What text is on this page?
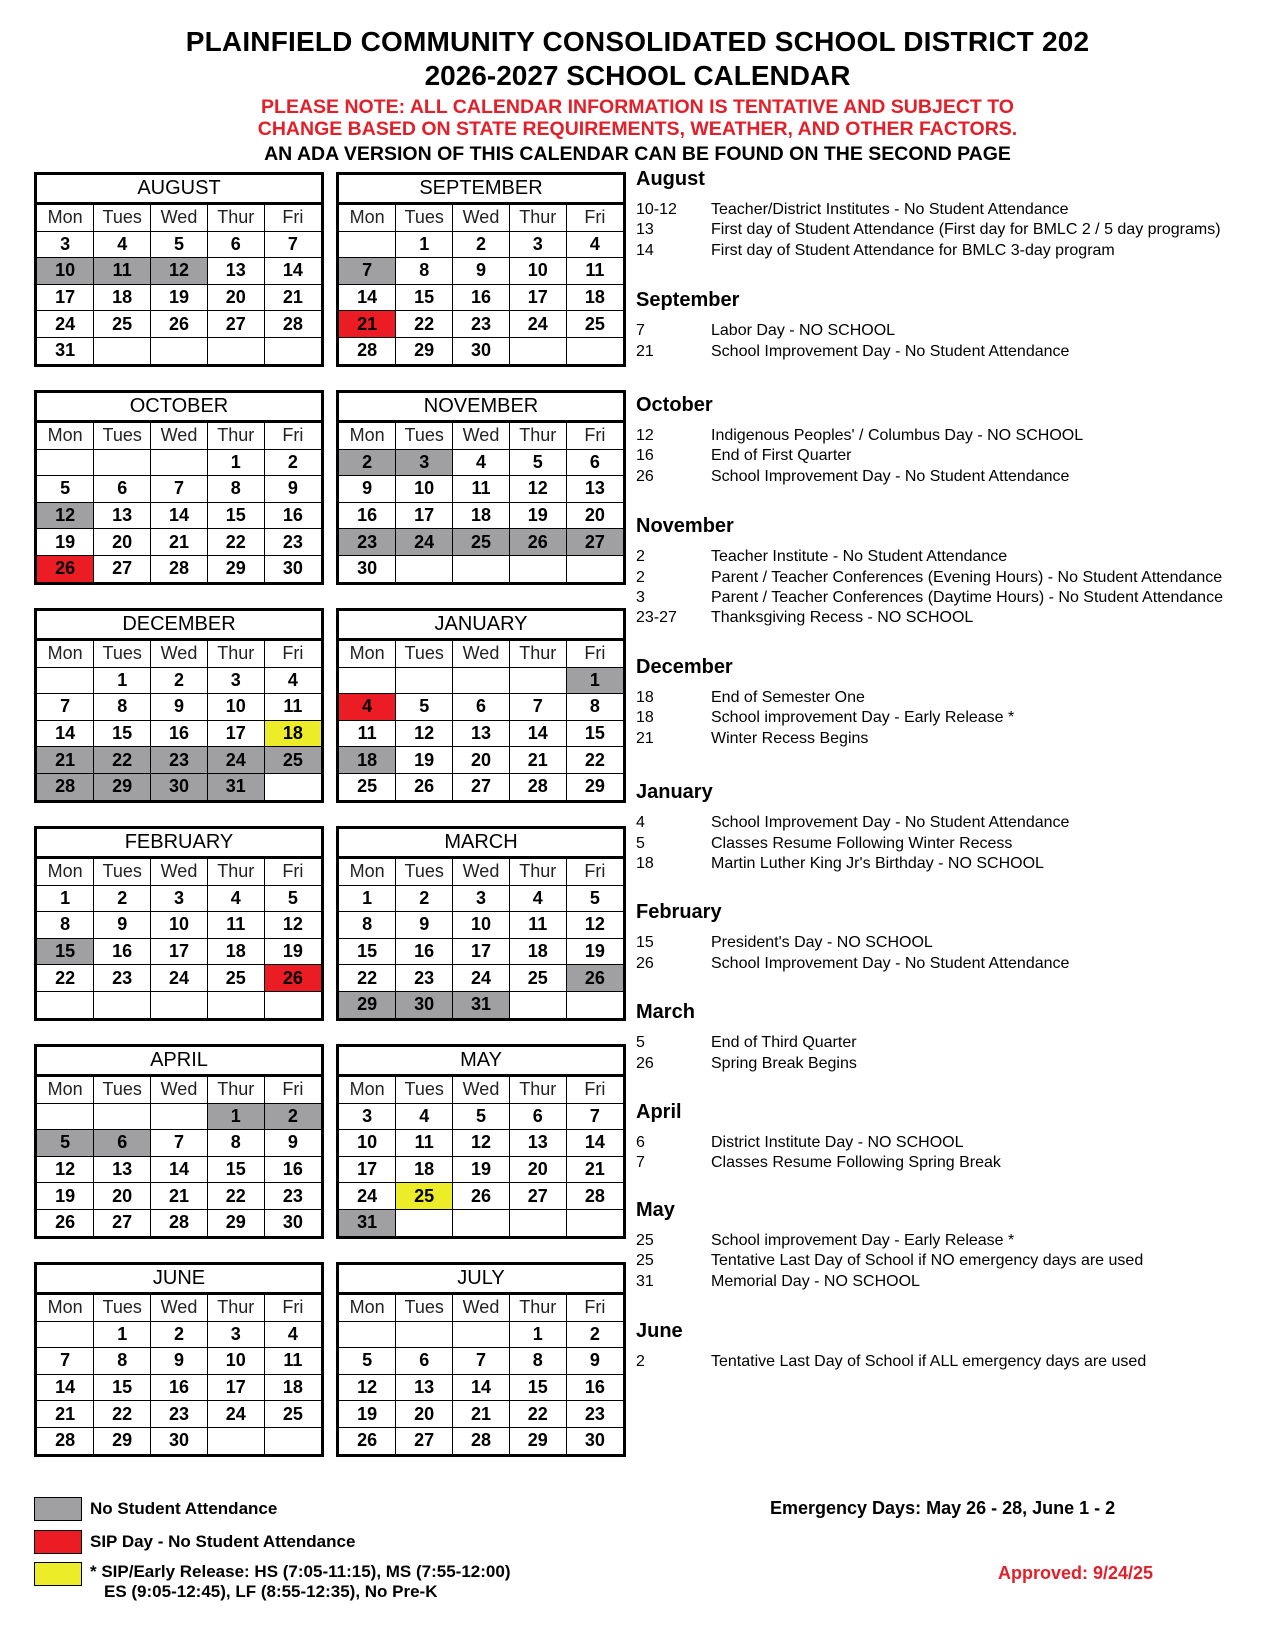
PLAINFIELD COMMUNITY CONSOLIDATED SCHOOL DISTRICT 202
2026-2027 SCHOOL CALENDAR
PLEASE NOTE: ALL CALENDAR INFORMATION IS TENTATIVE AND SUBJECT TO
CHANGE BASED ON STATE REQUIREMENTS, WEATHER, AND OTHER FACTORS.
AN ADA VERSION OF THIS CALENDAR CAN BE FOUND ON THE SECOND PAGE
AUGUST
Mon	Tues	Wed	Thur	Fri
3	4	5	6	7
10	11	12	13	14
17	18	19	20	21
24	25	26	27	28
31				
SEPTEMBER
Mon	Tues	Wed	Thur	Fri
	1	2	3	4
7	8	9	10	11
14	15	16	17	18
21	22	23	24	25
28	29	30		
OCTOBER
Mon	Tues	Wed	Thur	Fri
			1	2
5	6	7	8	9
12	13	14	15	16
19	20	21	22	23
26	27	28	29	30
NOVEMBER
Mon	Tues	Wed	Thur	Fri
2	3	4	5	6
9	10	11	12	13
16	17	18	19	20
23	24	25	26	27
30				
DECEMBER
Mon	Tues	Wed	Thur	Fri
	1	2	3	4
7	8	9	10	11
14	15	16	17	18
21	22	23	24	25
28	29	30	31	
JANUARY
Mon	Tues	Wed	Thur	Fri
				1
4	5	6	7	8
11	12	13	14	15
18	19	20	21	22
25	26	27	28	29
FEBRUARY
Mon	Tues	Wed	Thur	Fri
1	2	3	4	5
8	9	10	11	12
15	16	17	18	19
22	23	24	25	26

MARCH
Mon	Tues	Wed	Thur	Fri
1	2	3	4	5
8	9	10	11	12
15	16	17	18	19
22	23	24	25	26
29	30	31		
APRIL
Mon	Tues	Wed	Thur	Fri
			1	2
5	6	7	8	9
12	13	14	15	16
19	20	21	22	23
26	27	28	29	30
MAY
Mon	Tues	Wed	Thur	Fri
3	4	5	6	7
10	11	12	13	14
17	18	19	20	21
24	25	26	27	28
31				
JUNE
Mon	Tues	Wed	Thur	Fri
	1	2	3	4
7	8	9	10	11
14	15	16	17	18
21	22	23	24	25
28	29	30		
JULY
Mon	Tues	Wed	Thur	Fri
			1	2
5	6	7	8	9
12	13	14	15	16
19	20	21	22	23
26	27	28	29	30
August
10-12	Teacher/District Institutes - No Student Attendance
13	First day of Student Attendance (First day for BMLC 2 / 5 day programs)
14	First day of Student Attendance for BMLC 3-day program
September
7	Labor Day - NO SCHOOL
21	School Improvement Day - No Student Attendance
October
12	Indigenous Peoples' / Columbus Day - NO SCHOOL
16	End of First Quarter
26	School Improvement Day - No Student Attendance
November
2	Teacher Institute - No Student Attendance
2	Parent / Teacher Conferences (Evening Hours) - No Student Attendance
3	Parent / Teacher Conferences (Daytime Hours) - No Student Attendance
23-27	Thanksgiving Recess - NO SCHOOL
December
18	End of Semester One
18	School improvement Day - Early Release *
21	Winter Recess Begins
January
4	School Improvement Day - No Student Attendance
5	Classes Resume Following Winter Recess
18	Martin Luther King Jr's Birthday - NO SCHOOL
February
15	President's Day - NO SCHOOL
26	School Improvement Day - No Student Attendance
March
5	End of Third Quarter
26	Spring Break Begins
April
6	District Institute Day - NO SCHOOL
7	Classes Resume Following Spring Break
May
25	School improvement Day - Early Release *
25	Tentative Last Day of School if NO emergency days are used
31	Memorial Day - NO SCHOOL
June
2	Tentative Last Day of School if ALL emergency days are used
No Student Attendance
SIP Day - No Student Attendance
* SIP/Early Release: HS (7:05-11:15), MS (7:55-12:00)
ES (9:05-12:45), LF (8:55-12:35), No Pre-K
Emergency Days: May 26 - 28, June 1 - 2
Approved: 9/24/25
